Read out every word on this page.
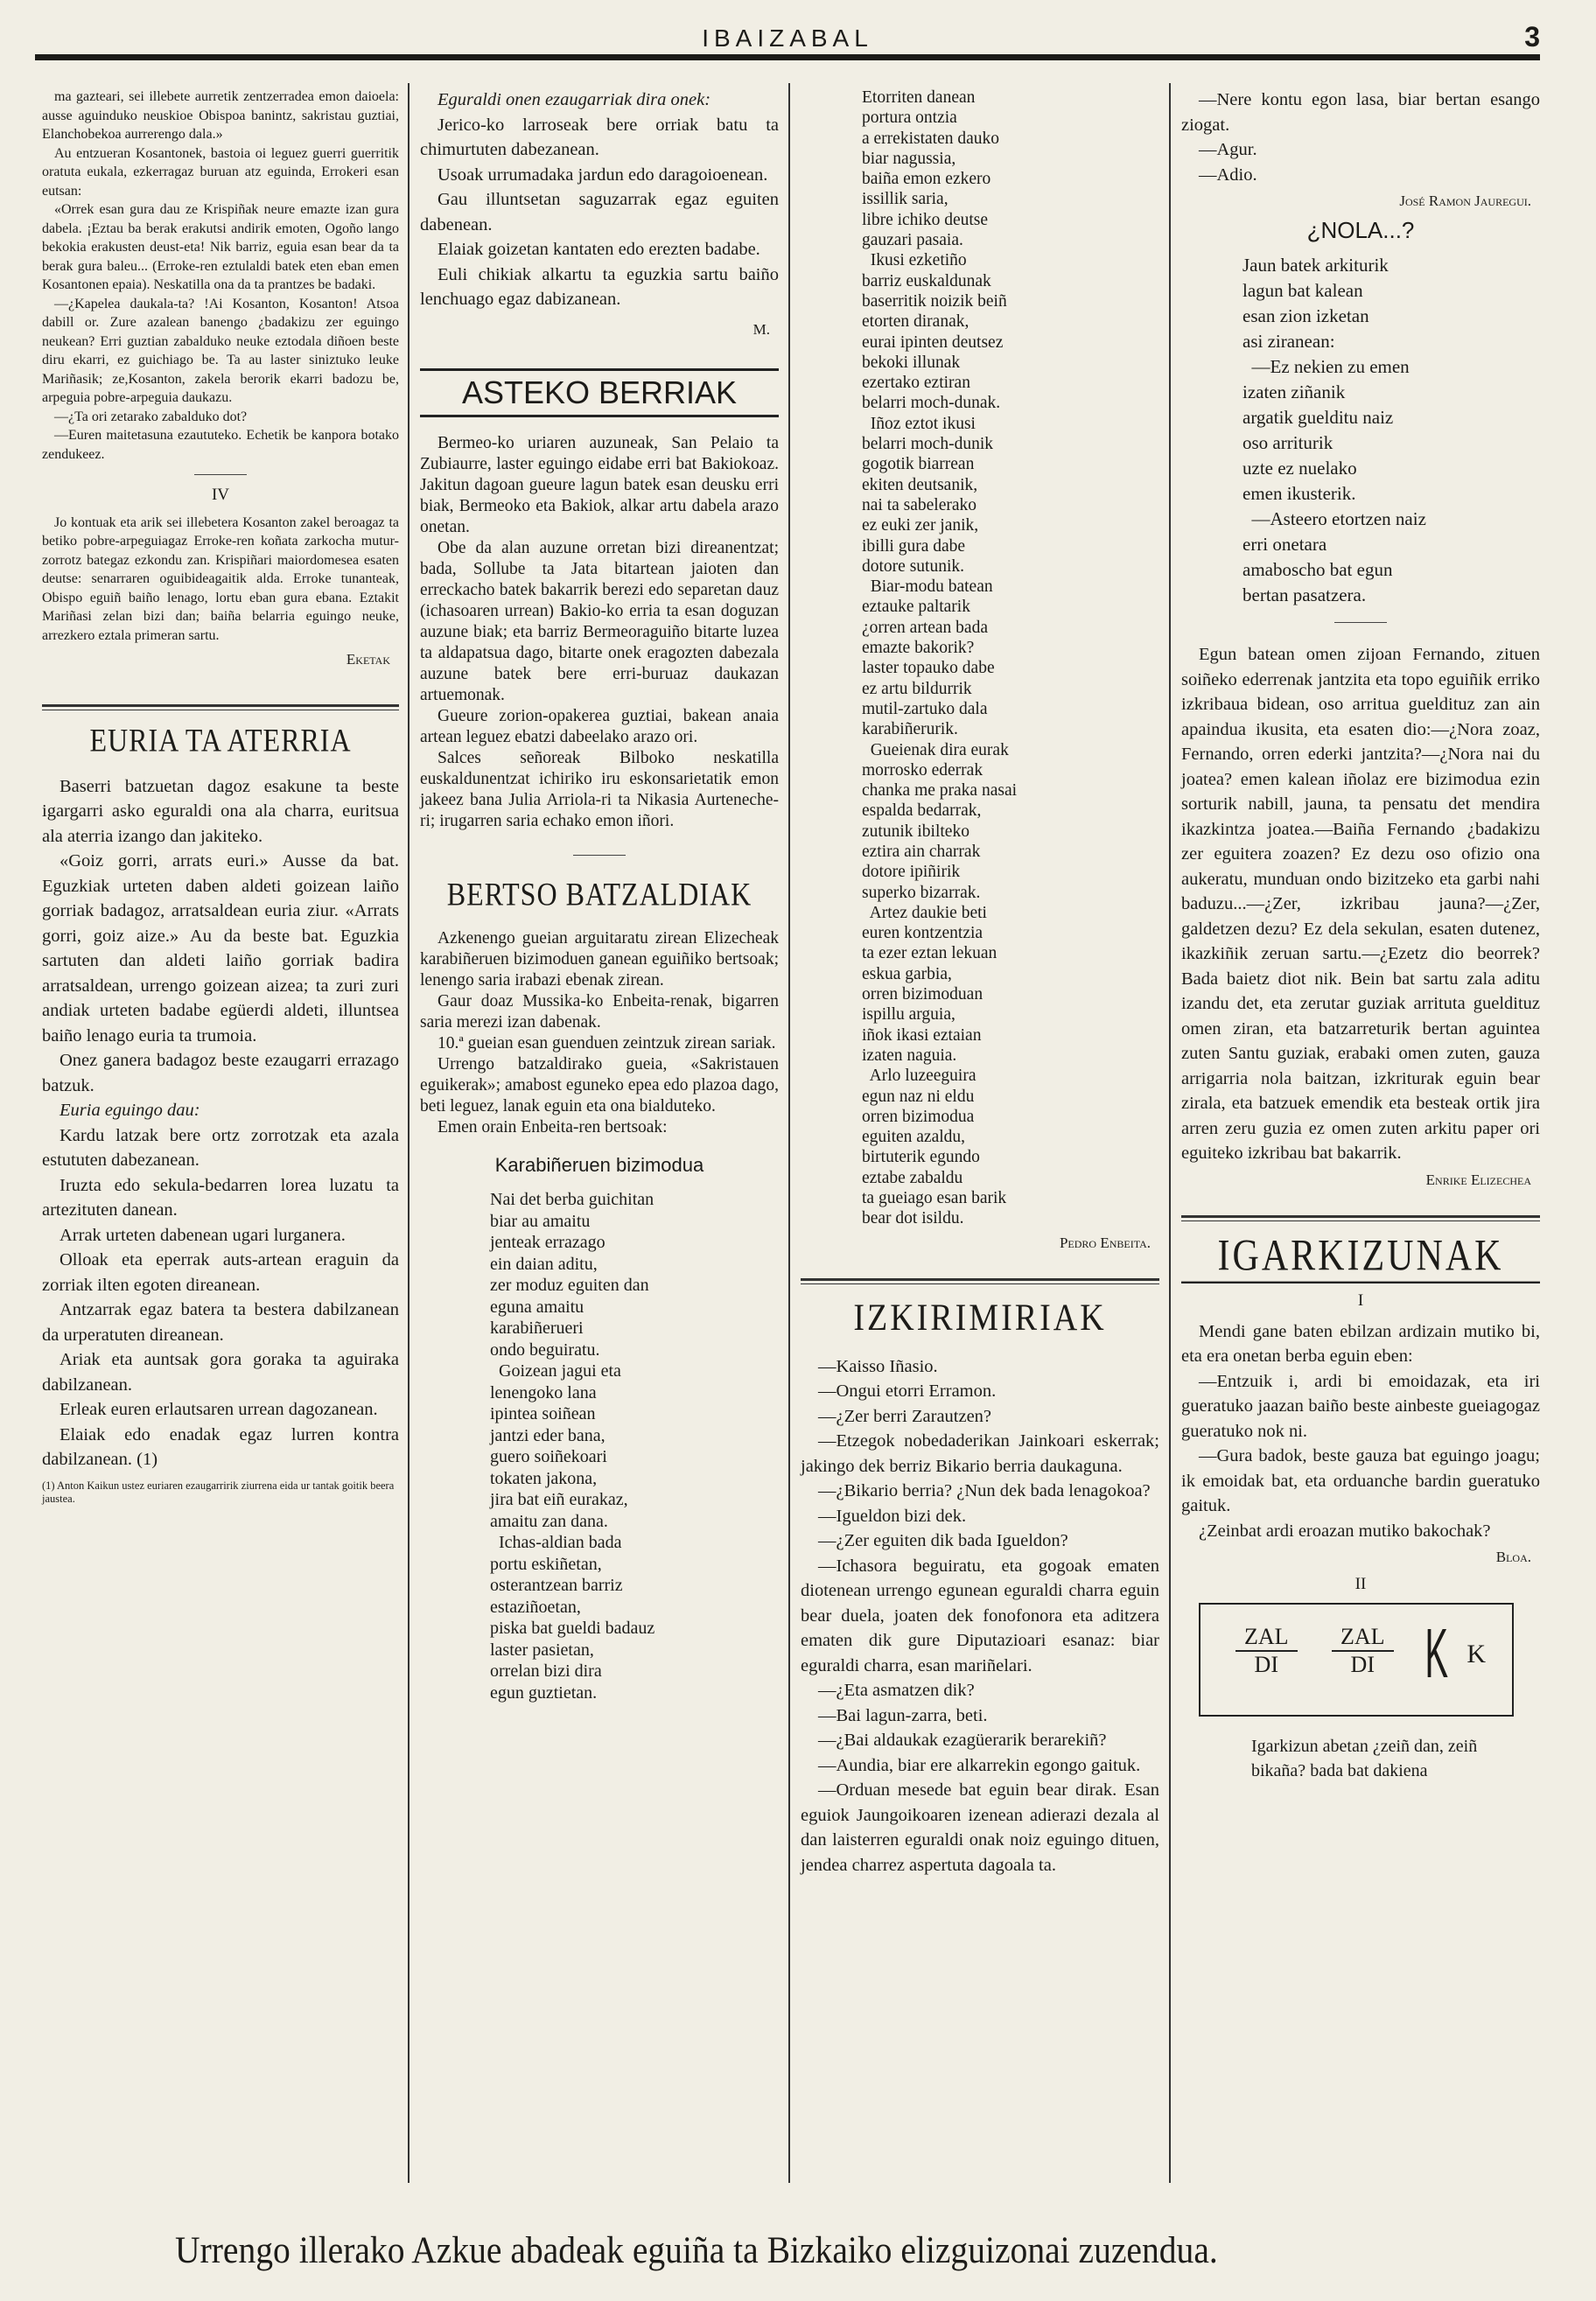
IBAIZABAL	3

ma gazteari, sei illebete aurretik zentzerradea emon daioela: ausse aguinduko neuskioe Obispoa banintz, sakristau guztiai, Elanchobekoa aurrerengo dala.»

Au entzueran Kosantonek, bastoia oi leguez guerri guerritik oratuta eukala, ezkerragaz buruan atz eguinda, Errokeri esan eutsan:

«Orrek esan gura dau ze Krispiñak neure emazte izan gura dabela. ¡Eztau ba berak erakutsi andirik emoten, Ogoño lango bekokia erakusten deust-eta! Nik barriz, eguia esan bear da ta berak gura baleu... (Erroke-ren eztulaldi batek eten eban emen Kosantonen epaia). Neskatilla ona da ta prantzes be badaki.

—¿Kapelea daukala-ta? !Ai Kosanton, Kosanton! Atsoa dabill or. Zure azalean banengo ¿badakizu zer eguingo neukean? Erri guztian zabalduko neuke eztodala diñoen beste diru ekarri, ez guichiago be. Ta au laster siniztuko leuke Mariñasik; ze,Kosanton, zakela berorik ekarri badozu be, arpeguia pobre-arpeguia daukazu.

—¿Ta ori zetarako zabalduko dot?

—Euren maitetasuna ezaututeko. Echetik be kanpora botako zendukeez.

IV

Jo kontuak eta arik sei illebetera Kosanton zakel beroagaz ta betiko pobre-arpeguiagaz Erroke-ren koñata zarkocha mutur-zorrotz bategaz ezkondu zan. Krispiñari maiordomesea esaten deutse: senarraren oguibideagaitik alda. Erroke tunanteak, Obispo eguiñ baiño lenago, lortu eban gura ebana. Eztakit Mariñasi zelan bizi dan; baiña belarria eguingo neuke, arrezkero eztala primeran sartu.

Eketak
EURIA TA ATERRIA

Baserri batzuetan dagoz esakune ta beste igargarri asko eguraldi ona ala charra, euritsua ala aterria izango dan jakiteko.

«Goiz gorri, arrats euri.» Ausse da bat. Eguzkiak urteten daben aldeti goizean laiño gorriak badagoz, arratsaldean euria ziur. «Arrats gorri, goiz aize.» Au da beste bat. Eguzkia sartuten dan aldeti laiño gorriak badira arratsaldean, urrengo goizean aizea; ta zuri zuri andiak urteten badabe egüerdi aldeti, illuntsea baiño lenago euria ta trumoia.

Onez ganera badagoz beste ezaugarri errazago batzuk.

Euria eguingo dau:

Kardu latzak bere ortz zorrotzak eta azala estututen dabezanean.

Iruzta edo sekula-bedarren lorea luzatu ta artezituten danean.

Arrak urteten dabenean ugari lurganera.

Olloak eta eperrak auts-artean eraguin da zorriak ilten egoten direanean.

Antzarrak egaz batera ta bestera dabilzanean da urperatuten direanean.

Ariak eta auntsak gora goraka ta aguiraka dabilzanean.

Erleak euren erlautsaren urrean dagozanean.

Elaiak edo enadak egaz lurren kontra dabilzanean. (1)

(1) Anton Kaikun ustez euriaren ezaugarririk ziurrena eida ur tantak goitik beera jaustea.

Eguraldi onen ezaugarriak dira onek:

Jerico-ko larroseak bere orriak batu ta chimurtuten dabezanean.

Usoak urrumadaka jardun edo daragoioenean.

Gau illuntsetan saguzarrak egaz eguiten dabenean.

Elaiak goizetan kantaten edo erezten badabe.

Euli chikiak alkartu ta eguzkia sartu baiño lenchuago egaz dabizanean.

M.
ASTEKO BERRIAK

Bermeo-ko uriaren auzuneak, San Pelaio ta Zubiaurre, laster eguingo eidabe erri bat Bakiokoaz. Jakitun dagoan gueure lagun batek esan deusku erri biak, Bermeoko eta Bakiok, alkar artu dabela arazo onetan.

Obe da alan auzune orretan bizi direanentzat; bada, Sollube ta Jata bitartean jaioten dan erreckacho batek bakarrik berezi edo separetan dauz (ichasoaren urrean) Bakio-ko erria ta esan doguzan auzune biak; eta barriz Bermeoraguiño bitarte luzea ta aldapatsua dago, bitarte onek eragozten dabezala auzune batek bere erri-buruaz daukazan artuemonak.

Gueure zorion-opakerea guztiai, bakean anaia artean leguez ebatzi dabeelako arazo ori.

Salces señoreak Bilboko neskatilla euskaldunentzat ichiriko iru eskonsarietatik emon jakeez bana Julia Arriola-ri ta Nikasia Aurteneche-ri; irugarren saria echako emon iñori.

BERTSO BATZALDIAK

Azkenengo gueian arguitaratu zirean Elizecheak karabiñeruen bizimoduen ganean eguiñiko bertsoak; lenengo saria irabazi ebenak zirean.

Gaur doaz Mussika-ko Enbeita-renak, bigarren saria merezi izan dabenak.

10.ª gueian esan guenduen zeintzuk zirean sariak.

Urrengo batzaldirako gueia, «Sakristauen eguikerak»; amabost eguneko epea edo plazoa dago, beti leguez, lanak eguin eta ona bialduteko.

Emen orain Enbeita-ren bertsoak:

Karabiñeruen bizimodua
Nai det berba guichitan
biar au amaitu
jenteak errazago
ein daian aditu,
zer moduz eguiten dan
eguna amaitu
karabiñerueri
ondo beguiratu.
Goizean jagui eta
lenengoko lana
ipintea soiñean
jantzi eder bana,
guero soiñekoari
tokaten jakona,
jira bat eiñ eurakaz,
amaitu zan dana.
Ichas-aldian bada
portu eskiñetan,
osterantzean barriz
estaziñoetan,
piska bat gueldi badauz
laster pasietan,
orrelan bizi dira
egun guztietan.
Etorriten danean
portura ontzia
a errekistaten dauko
biar nagussia,
baiña emon ezkero
issillik saria,
libre ichiko deutse
gauzari pasaia.
Ikusi ezketiño
barriz euskaldunak
baserritik noizik beiñ
etorten diranak,
eurai ipinten deutsez
bekoki illunak
ezertako eztiran
belarri moch-dunak.
Iñoz eztot ikusi
belarri moch-dunik
gogotik biarrean
ekiten deutsanik,
nai ta sabelerako
ez euki zer janik,
ibilli gura dabe
dotore sutunik.
Biar-modu batean
eztauke paltarik
¿orren artean bada
emazte bakorik?
laster topauko dabe
ez artu bildurrik
mutil-zartuko dala
karabiñerurik.
Gueienak dira eurak
morrosko ederrak
chanka me praka nasai
espalda bedarrak,
zutunik ibilteko
eztira ain charrak
dotore ipiñirik
superko bizarrak.
Artez daukie beti
euren kontzentzia
ta ezer eztan lekuan
eskua garbia,
orren bizimoduan
ispillu arguia,
iñok ikasi eztaian
izaten naguia.
Arlo luzeeguira
egun naz ni eldu
orren bizimodua
eguiten azaldu,
birtuterik egundo
eztabe zabaldu
ta gueiago esan barik
bear dot isildu.
Pedro Enbeita.
IZKIRIMIRIAK

—Kaisso Iñasio.

—Ongui etorri Erramon.

—¿Zer berri Zarautzen?

—Etzegok nobedaderikan Jainkoari eskerrak; jakingo dek berriz Bikario berria daukaguna.

—¿Bikario berria? ¿Nun dek bada lenagokoa?

—Igueldon bizi dek.

—¿Zer eguiten dik bada Igueldon?

—Ichasora beguiratu, eta gogoak ematen diotenean urrengo egunean eguraldi charra eguin bear duela, joaten dek fonofonora eta aditzera ematen dik gure Diputazioari esanaz: biar eguraldi charra, esan mariñelari.

—¿Eta asmatzen dik?

—Bai lagun-zarra, beti.

—¿Bai aldaukak ezagüerarik berarekiñ?

—Aundia, biar ere alkarrekin egongo gaituk.

—Orduan mesede bat eguin bear dirak. Esan eguiok Jaungoikoaren izenean adierazi dezala al dan laisterren eguraldi onak noiz eguingo dituen, jendea charrez aspertuta dagoala ta.

—Nere kontu egon lasa, biar bertan esango ziogat.

—Agur.

—Adio.

José Ramon Jauregui.
¿NOLA...?
Jaun batek arkiturik
lagun bat kalean
esan zion izketan
asi ziranean:
—Ez nekien zu emen
izaten ziñanik
argatik guelditu naiz
oso arriturik
uzte ez nuelako
emen ikusterik.
—Asteero etortzen naiz
erri onetara
amaboscho bat egun
bertan pasatzera.

Egun batean omen zijoan Fernando, zituen soiñeko ederrenak jantzita eta topo eguiñik erriko izkribaua bidean, oso arritua gueldituz zan ain apaindua ikusita, eta esaten dio:—¿Nora zoaz, Fernando, orren ederki jantzita?—¿Nora nai du joatea? emen kalean iñolaz ere bizimodua ezin sorturik nabill, jauna, ta pensatu det mendira ikazkintza joatea.—Baiña Fernando ¿badakizu zer eguitera zoazen? Ez dezu oso ofizio ona aukeratu, munduan ondo bizitzeko eta garbi nahi baduzu...—¿Zer, izkribau jauna?—¿Zer, galdetzen dezu? Ez dela sekulan, esaten dutenez, ikazkiñik zeruan sartu.—¿Ezetz dio beorrek? Bada baietz diot nik. Bein bat sartu zala aditu izandu det, eta zerutar guziak arrituta gueldituz omen ziran, eta batzarreturik bertan aguintea zuten Santu guziak, erabaki omen zuten, gauza arrigarria nola baitzan, izkriturak eguin bear zirala, eta batzuek emendik eta besteak ortik jira arren zeru guzia ez omen zuten arkitu paper ori eguiteko izkribau bat bakarrik.

Enrike Elizechea
IGARKIZUNAK
I

Mendi gane baten ebilzan ardizain mutiko bi, eta era onetan berba eguin eben:

—Entzuik i, ardi bi emoidazak, eta iri gueratuko jaazan baiño beste ainbeste gueiagogaz gueratuko nok ni.

—Gura badok, beste gauza bat eguingo joagu; ik emoidak bat, eta orduanche bardin gueratuko gaituk.

¿Zeinbat ardi eroazan mutiko bakochak?

Bloa.
II
ZAL
DI
ZAL
DI K K
Igarkizun abetan ¿zeiñ dan, zeiñ bikaña? bada bat dakiena
Urrengo illerako Azkue abadeak eguiña ta Bizkaiko elizguizonai zuzendua.
